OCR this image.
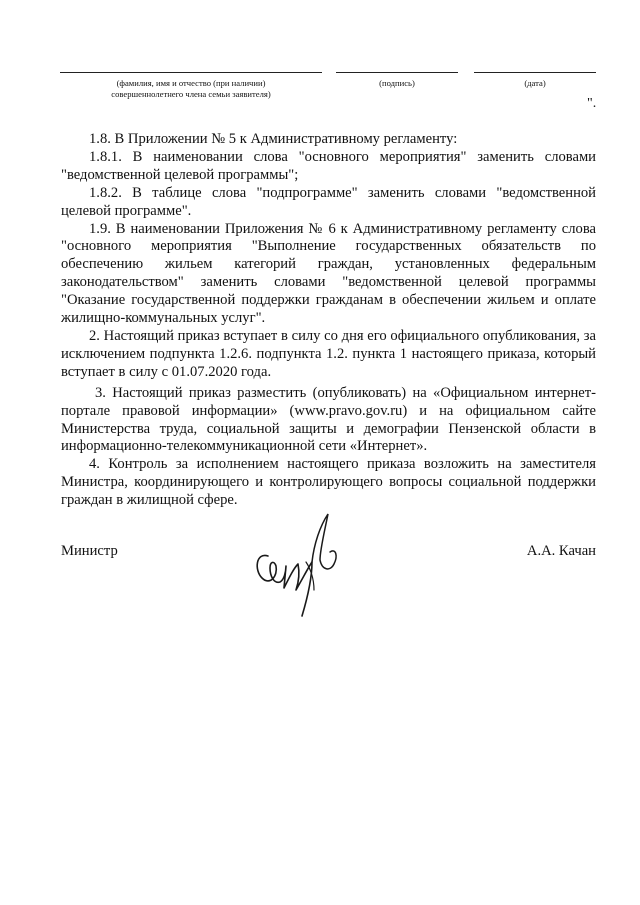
(фамилия, имя и отчество (при наличии)
совершеннолетнего члена семьи заявителя)
(подпись)	(дата)
".

1.8. В Приложении № 5 к Административному регламенту:

1.8.1. В наименовании слова "основного мероприятия" заменить словами "ведомственной целевой программы";

1.8.2. В таблице слова "подпрограмме" заменить словами "ведомственной целевой программе".

1.9. В наименовании Приложения № 6 к Административному регламенту слова "основного мероприятия "Выполнение государственных обязательств по обеспечению жильем категорий граждан, установленных федеральным законодательством" заменить словами "ведомственной целевой программы "Оказание государственной поддержки гражданам в обеспечении жильем и оплате жилищно-коммунальных услуг".

2. Настоящий приказ вступает в силу со дня его официального опубликования, за исключением подпункта 1.2.6. подпункта 1.2. пункта 1 настоящего приказа, который вступает в силу с 01.07.2020 года.

3. Настоящий приказ разместить (опубликовать) на «Официальном интернет-портале правовой информации» (www.pravo.gov.ru) и на официальном сайте Министерства труда, социальной защиты и демографии Пензенской области в информационно-телекоммуникационной сети «Интернет».

4. Контроль за исполнением настоящего приказа возложить на заместителя Министра, координирующего и контролирующего вопросы социальной поддержки граждан в жилищной сфере.

Министр	А.А. Качан
